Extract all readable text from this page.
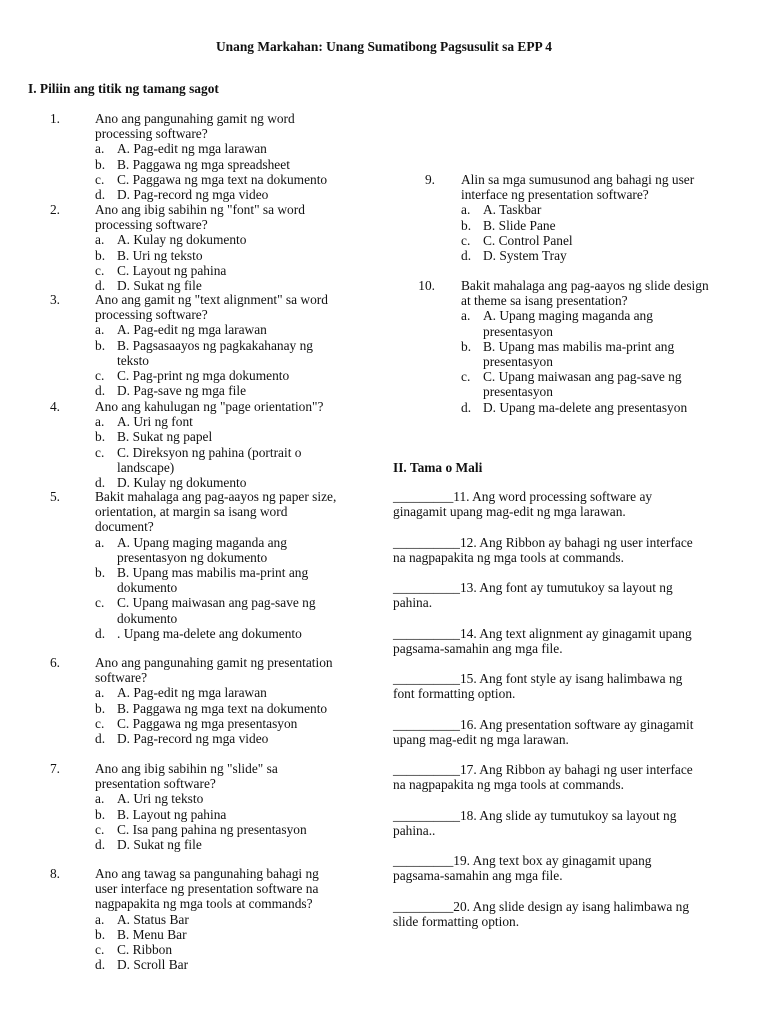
Unang Markahan: Unang Sumatibong Pagsusulit sa EPP 4
I. Piliin ang titik ng tamang sagot
II. Tama o Mali
1.	Ano ang pangunahing gamit ng word
processing software?
a. A. Pag-edit ng mga larawan
b. B. Paggawa ng mga spreadsheet
c. C. Paggawa ng mga text na dokumento
d. D. Pag-record ng mga video
2.	Ano ang ibig sabihin ng "font" sa word
processing software?
a. A. Kulay ng dokumento
b. B. Uri ng teksto
c. C. Layout ng pahina
d. D. Sukat ng file
3.	Ano ang gamit ng "text alignment" sa word
processing software?
a. A. Pag-edit ng mga larawan
b. B. Pagsasaayos ng pagkakahanay ng
teksto
c. C. Pag-print ng mga dokumento
d. D. Pag-save ng mga file
4.	Ano ang kahulugan ng "page orientation"?
a. A. Uri ng font
b. B. Sukat ng papel
c. C. Direksyon ng pahina (portrait o
landscape)
d. D. Kulay ng dokumento
5.	Bakit mahalaga ang pag-aayos ng paper size,
orientation, at margin sa isang word
document?
a. A. Upang maging maganda ang
presentasyon ng dokumento
b. B. Upang mas mabilis ma-print ang
dokumento
c. C. Upang maiwasan ang pag-save ng
dokumento
d. . Upang ma-delete ang dokumento
6.	Ano ang pangunahing gamit ng presentation
software?
a. A. Pag-edit ng mga larawan
b. B. Paggawa ng mga text na dokumento
c. C. Paggawa ng mga presentasyon
d. D. Pag-record ng mga video
7.	Ano ang ibig sabihin ng "slide" sa
presentation software?
a. A. Uri ng teksto
b. B. Layout ng pahina
c. C. Isa pang pahina ng presentasyon
d. D. Sukat ng file
8.	Ano ang tawag sa pangunahing bahagi ng
user interface ng presentation software na
nagpapakita ng mga tools at commands?
a. A. Status Bar
b. B. Menu Bar
c. C. Ribbon
d. D. Scroll Bar
9. Alin sa mga sumusunod ang bahagi ng user
interface ng presentation software?
a. A. Taskbar
b. B. Slide Pane
c. C. Control Panel
d. D. System Tray
10. Bakit mahalaga ang pag-aayos ng slide design
at theme sa isang presentation?
a. A. Upang maging maganda ang
presentasyon
b. B. Upang mas mabilis ma-print ang
presentasyon
c. C. Upang maiwasan ang pag-save ng
presentasyon
d. D. Upang ma-delete ang presentasyon
_________11. Ang word processing software ay
ginagamit upang mag-edit ng mga larawan.
__________12. Ang Ribbon ay bahagi ng user interface
na nagpapakita ng mga tools at commands.
__________13. Ang font ay tumutukoy sa layout ng
pahina.
__________14. Ang text alignment ay ginagamit upang
pagsama-samahin ang mga file.
__________15. Ang font style ay isang halimbawa ng
font formatting option.
__________16. Ang presentation software ay ginagamit
upang mag-edit ng mga larawan.
__________17. Ang Ribbon ay bahagi ng user interface
na nagpapakita ng mga tools at commands.
__________18. Ang slide ay tumutukoy sa layout ng
pahina..
_________19. Ang text box ay ginagamit upang
pagsama-samahin ang mga file.
_________20. Ang slide design ay isang halimbawa ng
slide formatting option.
